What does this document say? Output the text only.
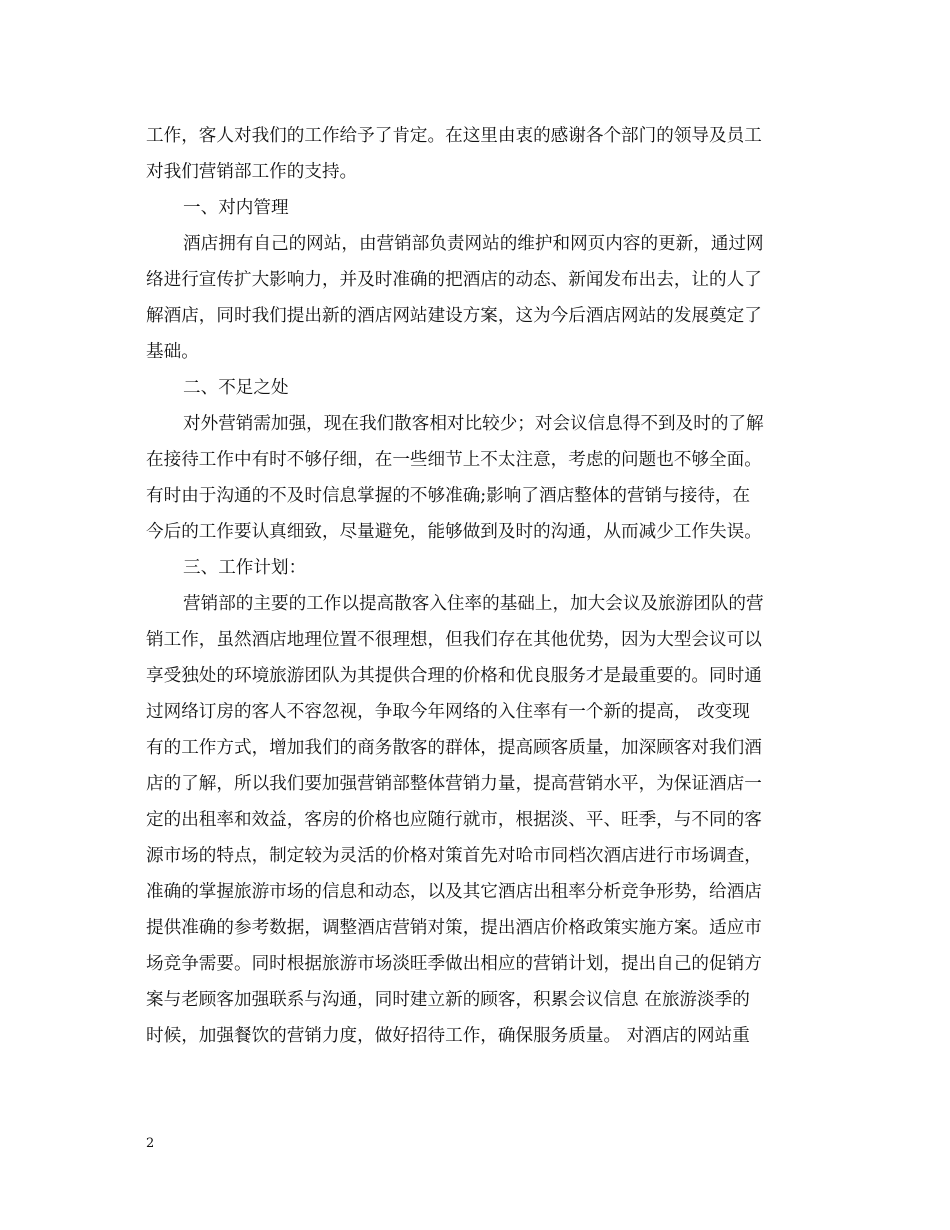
工作，客人对我们的工作给予了肯定。在这里由衷的感谢各个部门的领导及员工
对我们营销部工作的支持。
一、对内管理
酒店拥有自己的网站，由营销部负责网站的维护和网页内容的更新，通过网
络进行宣传扩大影响力，并及时准确的把酒店的动态、新闻发布出去，让的人了
解酒店，同时我们提出新的酒店网站建设方案，这为今后酒店网站的发展奠定了
基础。
二、不足之处
对外营销需加强，现在我们散客相对比较少；对会议信息得不到及时的了解
在接待工作中有时不够仔细，在一些细节上不太注意，考虑的问题也不够全面。
有时由于沟通的不及时信息掌握的不够准确;影响了酒店整体的营销与接待，在
今后的工作要认真细致，尽量避免，能够做到及时的沟通，从而减少工作失误。
三、工作计划：
营销部的主要的工作以提高散客入住率的基础上，加大会议及旅游团队的营
销工作，虽然酒店地理位置不很理想，但我们存在其他优势，因为大型会议可以
享受独处的环境旅游团队为其提供合理的价格和优良服务才是最重要的。同时通
过网络订房的客人不容忽视，争取今年网络的入住率有一个新的提高， 改变现
有的工作方式，增加我们的商务散客的群体，提高顾客质量，加深顾客对我们酒
店的了解，所以我们要加强营销部整体营销力量，提高营销水平，为保证酒店一
定的出租率和效益，客房的价格也应随行就市，根据淡、平、旺季，与不同的客
源市场的特点，制定较为灵活的价格对策首先对哈市同档次酒店进行市场调查，
准确的掌握旅游市场的信息和动态，以及其它酒店出租率分析竞争形势，给酒店
提供准确的参考数据，调整酒店营销对策，提出酒店价格政策实施方案。适应市
场竞争需要。同时根据旅游市场淡旺季做出相应的营销计划，提出自己的促销方
案与老顾客加强联系与沟通，同时建立新的顾客，积累会议信息 在旅游淡季的
时候，加强餐饮的营销力度，做好招待工作，确保服务质量。 对酒店的网站重
2
